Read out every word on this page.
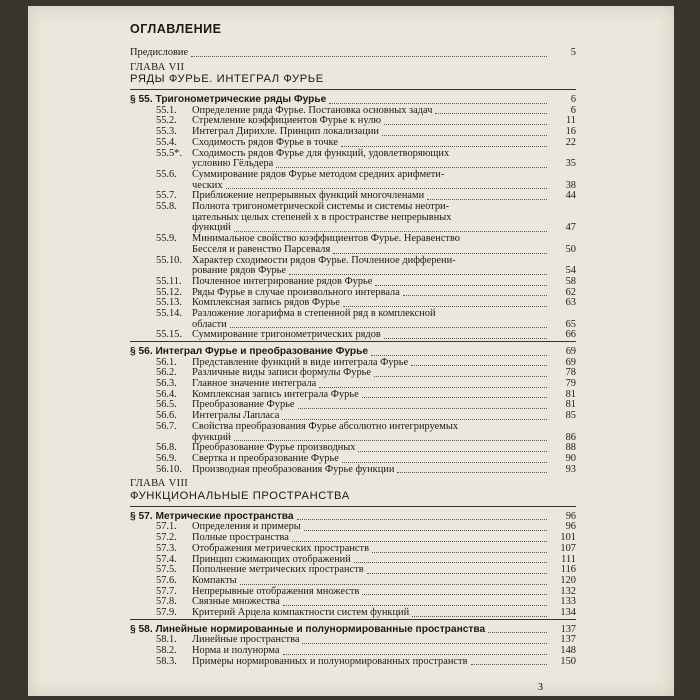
ОГЛАВЛЕНИЕ
Предисловие	5
ГЛАВА VII
РЯДЫ ФУРЬЕ. ИНТЕГРАЛ ФУРЬЕ
§ 55. Тригонометрические ряды Фурье	6
55.1.	Определение ряда Фурье. Постановка основных задач	6
55.2.	Стремление коэффициентов Фурье к нулю	11
55.3.	Интеграл Дирихле. Принцип локализации	16
55.4.	Сходимость рядов Фурье в точке	22
55.5*. Сходимость рядов Фурье для функций, удовлетворяющих
условию Гёльдера	35
55.6.	Суммирование рядов Фурье методом средних арифмети-
ческих	38
55.7.	Приближение непрерывных функций многочленами	44
55.8.	Полнота тригонометрической системы и системы неотри-
цательных целых степеней x в пространстве непрерывных
функций	47
55.9.	Минимальное свойство коэффициентов Фурье. Неравенство
Бесселя и равенство Парсеваля	50
55.10. Характер сходимости рядов Фурье. Почленное дифферени-
рование рядов Фурье	54
55.11.	Почленное интегрирование рядов Фурье	58
55.12. Ряды Фурье в случае произвольного интервала	62
55.13. Комплексная запись рядов Фурье	63
55.14. Разложение логарифма в степенной ряд в комплексной
области	65
55.15. Суммирование тригонометрических рядов	66
§ 56. Интеграл Фурье и преобразование Фурье	69
56.1.	Представление функций в виде интеграла Фурье	69
56.2.	Различные виды записи формулы Фурье	78
56.3.	Главное значение интеграла	79
56.4.	Комплексная запись интеграла Фурье	81
56.5.	Преобразование Фурье	81
56.6.	Интегралы Лапласа	85
56.7.	Свойства преобразования Фурье абсолютно интегрируемых
функций	86
56.8.	Преобразование Фурье производных	88
56.9.	Свертка и преобразование Фурье	90
56.10. Производная преобразования Фурье функции	93
ГЛАВА VIII
ФУНКЦИОНАЛЬНЫЕ ПРОСТРАНСТВА
§ 57. Метрические пространства	96
57.1.	Определения и примеры	96
57.2.	Полные пространства	101
57.3.	Отображения метрических пространств	107
57.4.	Принцип сжимающих отображений	111
57.5.	Пополнение метрических пространств	116
57.6.	Компакты	120
57.7.	Непрерывные отображения множеств	132
57.8.	Связные множества	133
57.9.	Критерий Арцела компактности систем функций	134
§ 58. Линейные нормированные и полунормированные пространства	137
58.1.	Линейные пространства	137
58.2.	Норма и полунорма	148
58.3.	Примеры нормированных и полунормированных пространств	150
3
